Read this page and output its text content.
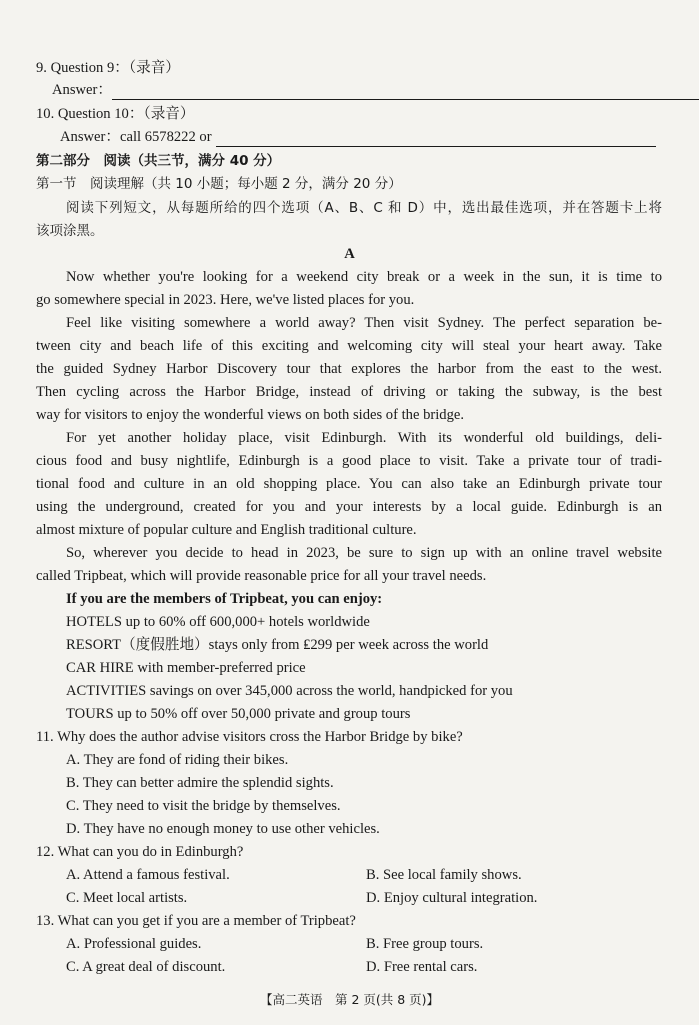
9. Question 9：（录音）
Answer：
10. Question 10：（录音）
Answer：call 6578222 or
第二部分　阅读（共三节，满分 40 分）
第一节　阅读理解（共 10 小题；每小题 2 分，满分 20 分）
阅读下列短文，从每题所给的四个选项（A、B、C 和 D）中，选出最佳选项，并在答题卡上将
该项涂黑。
A
Now whether you're looking for a weekend city break or a week in the sun, it is time to
go somewhere special in 2023. Here, we've listed places for you.
Feel like visiting somewhere a world away? Then visit Sydney. The perfect separation be-
tween city and beach life of this exciting and welcoming city will steal your heart away. Take
the guided Sydney Harbor Discovery tour that explores the harbor from the east to the west.
Then cycling across the Harbor Bridge, instead of driving or taking the subway, is the best
way for visitors to enjoy the wonderful views on both sides of the bridge.
For yet another holiday place, visit Edinburgh. With its wonderful old buildings, deli-
cious food and busy nightlife, Edinburgh is a good place to visit. Take a private tour of tradi-
tional food and culture in an old shopping place. You can also take an Edinburgh private tour
using the underground, created for you and your interests by a local guide. Edinburgh is an
almost mixture of popular culture and English traditional culture.
So, wherever you decide to head in 2023, be sure to sign up with an online travel website
called Tripbeat, which will provide reasonable price for all your travel needs.
If you are the members of Tripbeat, you can enjoy:
HOTELS up to 60% off 600,000+ hotels worldwide
RESORT（度假胜地）stays only from ₤299 per week across the world
CAR HIRE with member-preferred price
ACTIVITIES savings on over 345,000 across the world, handpicked for you
TOURS up to 50% off over 50,000 private and group tours
11. Why does the author advise visitors cross the Harbor Bridge by bike?
A. They are fond of riding their bikes.
B. They can better admire the splendid sights.
C. They need to visit the bridge by themselves.
D. They have no enough money to use other vehicles.
12. What can you do in Edinburgh?
A. Attend a famous festival.	B. See local family shows.
C. Meet local artists.	D. Enjoy cultural integration.
13. What can you get if you are a member of Tripbeat?
A. Professional guides.	B. Free group tours.
C. A great deal of discount.	D. Free rental cars.
【高二英语　第 2 页(共 8 页)】
